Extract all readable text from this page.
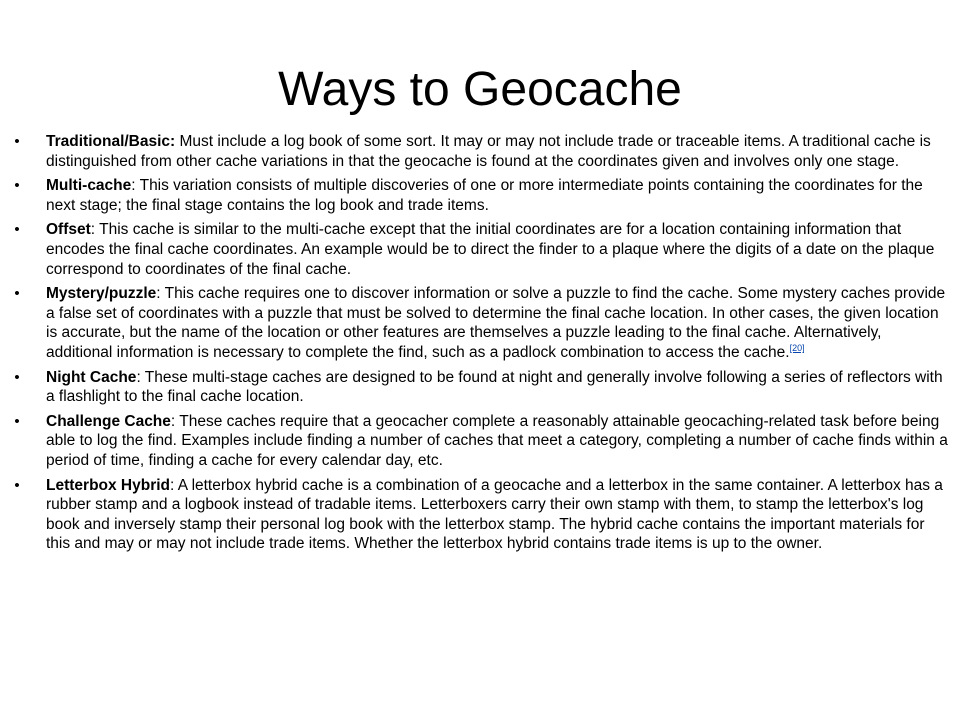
Ways to Geocache
• Traditional/Basic: Must include a log book of some sort. It may or may not include trade or traceable items. A traditional cache is distinguished from other cache variations in that the geocache is found at the coordinates given and involves only one stage.
• Multi-cache: This variation consists of multiple discoveries of one or more intermediate points containing the coordinates for the next stage; the final stage contains the log book and trade items.
• Offset: This cache is similar to the multi-cache except that the initial coordinates are for a location containing information that encodes the final cache coordinates. An example would be to direct the finder to a plaque where the digits of a date on the plaque correspond to coordinates of the final cache.
• Mystery/puzzle: This cache requires one to discover information or solve a puzzle to find the cache. Some mystery caches provide a false set of coordinates with a puzzle that must be solved to determine the final cache location. In other cases, the given location is accurate, but the name of the location or other features are themselves a puzzle leading to the final cache. Alternatively, additional information is necessary to complete the find, such as a padlock combination to access the cache.[20]
• Night Cache: These multi-stage caches are designed to be found at night and generally involve following a series of reflectors with a flashlight to the final cache location.
• Challenge Cache: These caches require that a geocacher complete a reasonably attainable geocaching-related task before being able to log the find. Examples include finding a number of caches that meet a category, completing a number of cache finds within a period of time, finding a cache for every calendar day, etc.
• Letterbox Hybrid: A letterbox hybrid cache is a combination of a geocache and a letterbox in the same container. A letterbox has a rubber stamp and a logbook instead of tradable items. Letterboxers carry their own stamp with them, to stamp the letterbox's log book and inversely stamp their personal log book with the letterbox stamp. The hybrid cache contains the important materials for this and may or may not include trade items. Whether the letterbox hybrid contains trade items is up to the owner.
